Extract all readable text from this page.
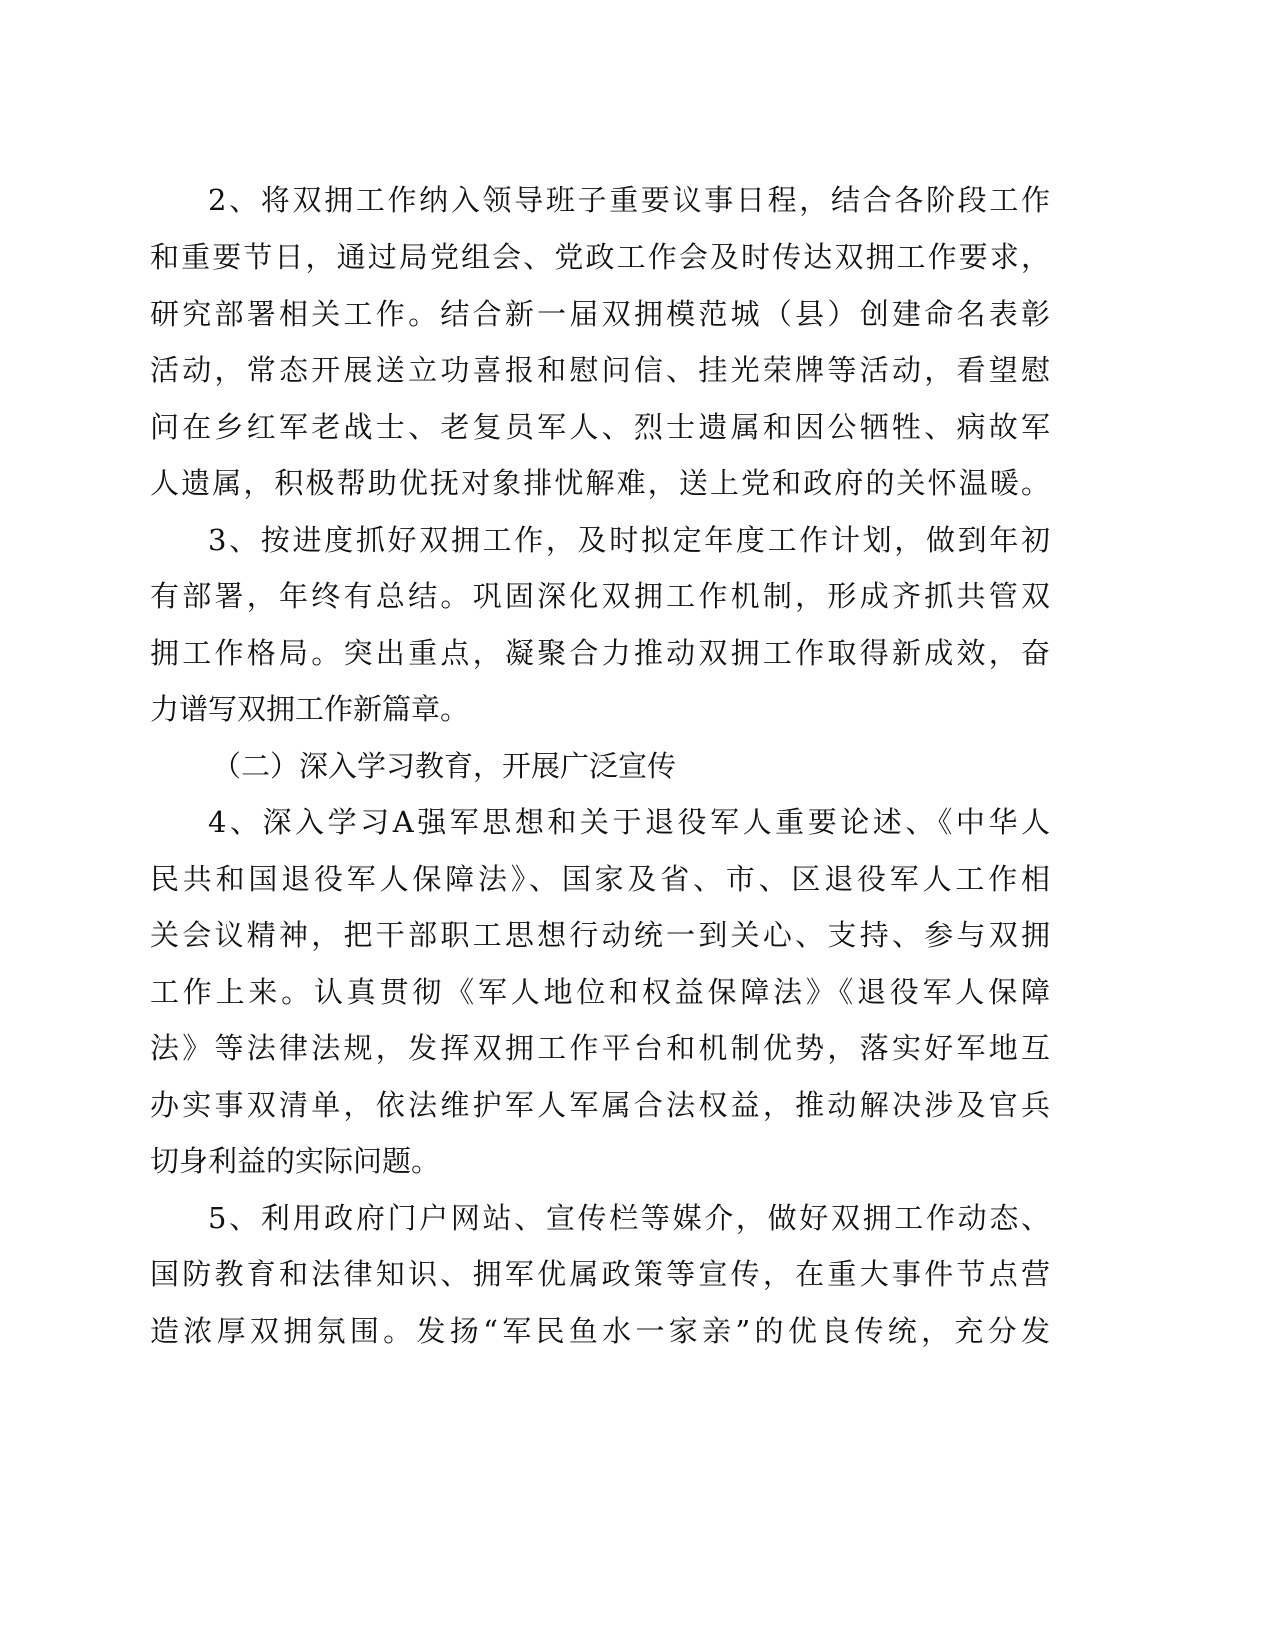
2、将双拥工作纳入领导班子重要议事日程，结合各阶段工作
和重要节日，通过局党组会、党政工作会及时传达双拥工作要求，
研究部署相关工作。结合新一届双拥模范城（县）创建命名表彰
活动，常态开展送立功喜报和慰问信、挂光荣牌等活动，看望慰
问在乡红军老战士、老复员军人、烈士遗属和因公牺牲、病故军
人遗属，积极帮助优抚对象排忧解难，送上党和政府的关怀温暖。
3、按进度抓好双拥工作，及时拟定年度工作计划，做到年初
有部署，年终有总结。巩固深化双拥工作机制，形成齐抓共管双
拥工作格局。突出重点，凝聚合力推动双拥工作取得新成效，奋
力谱写双拥工作新篇章。
（二）深入学习教育，开展广泛宣传
4、深入学习A强军思想和关于退役军人重要论述、《中华人
民共和国退役军人保障法》、国家及省、市、区退役军人工作相
关会议精神，把干部职工思想行动统一到关心、支持、参与双拥
工作上来。认真贯彻《军人地位和权益保障法》《退役军人保障
法》等法律法规，发挥双拥工作平台和机制优势，落实好军地互
办实事双清单，依法维护军人军属合法权益，推动解决涉及官兵
切身利益的实际问题。
5、利用政府门户网站、宣传栏等媒介，做好双拥工作动态、
国防教育和法律知识、拥军优属政策等宣传，在重大事件节点营
造浓厚双拥氛围。发扬“军民鱼水一家亲”的优良传统，充分发
